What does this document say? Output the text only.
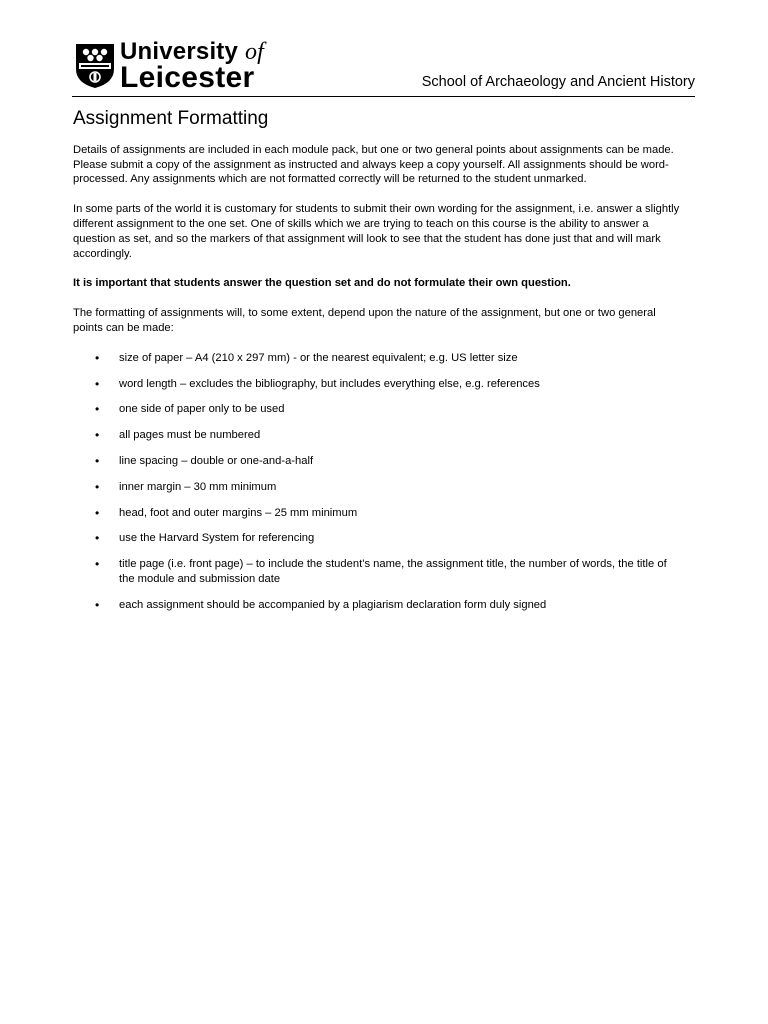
University of
Leicester	School of Archaeology and Ancient History
Assignment Formatting

Details of assignments are included in each module pack, but one or two general points about assignments can be made. Please submit a copy of the assignment as instructed and always keep a copy yourself. All assignments should be word-processed. Any assignments which are not formatted correctly will be returned to the student unmarked.

In some parts of the world it is customary for students to submit their own wording for the assignment, i.e. answer a slightly different assignment to the one set. One of skills which we are trying to teach on this course is the ability to answer a question as set, and so the markers of that assignment will look to see that the student has done just that and will mark accordingly.

It is important that students answer the question set and do not formulate their own question.

The formatting of assignments will, to some extent, depend upon the nature of the assignment, but one or two general points can be made:

• size of paper – A4 (210 x 297 mm) - or the nearest equivalent; e.g. US letter size
• word length – excludes the bibliography, but includes everything else, e.g. references
• one side of paper only to be used
• all pages must be numbered
• line spacing – double or one-and-a-half
• inner margin – 30 mm minimum
• head, foot and outer margins – 25 mm minimum
• use the Harvard System for referencing
• title page (i.e. front page) – to include the student’s name, the assignment title, the number of words, the title of the module and submission date
• each assignment should be accompanied by a plagiarism declaration form duly signed
